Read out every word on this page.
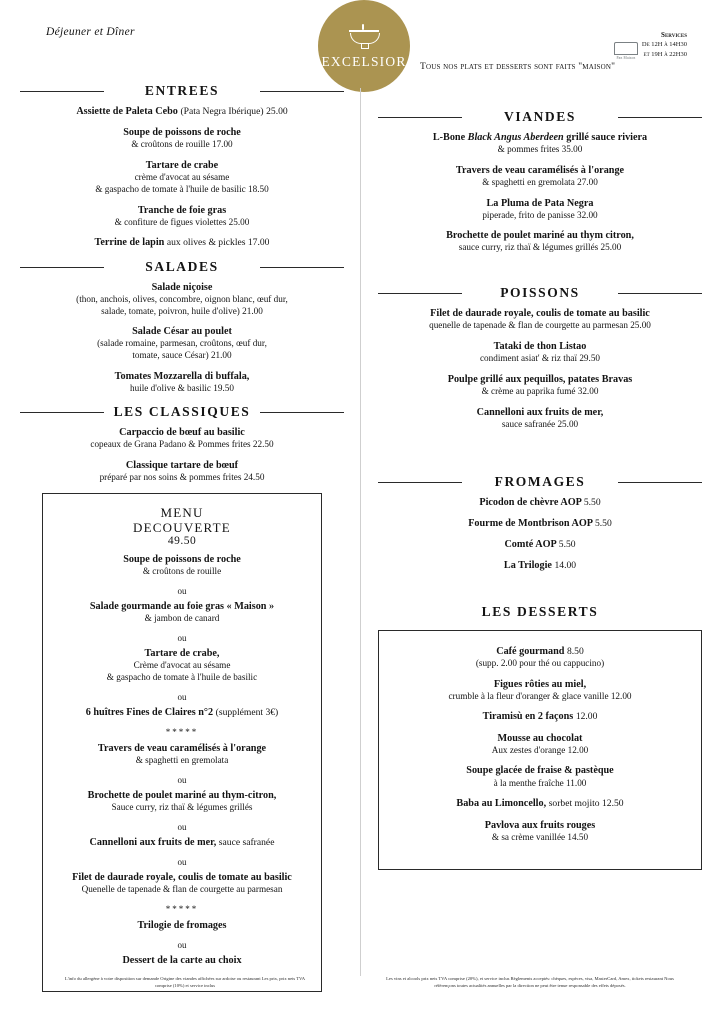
Déjeuner et Dîner
EXCELSIOR Tous nos plats et desserts sont faits "maison"
Pan Maison
Services
De 12H à 14H30
et 19H à 22H30
ENTREES
Assiette de Paleta Cebo (Pata Negra Ibérique) 25.00
Soupe de poissons de roche
& croûtons de rouille 17.00
Tartare de crabe
crème d'avocat au sésame
& gaspacho de tomate à l'huile de basilic 18.50
Tranche de foie gras
& confiture de figues violettes 25.00
Terrine de lapin aux olives & pickles 17.00
SALADES
Salade niçoise
(thon, anchois, olives, concombre, oignon blanc, œuf dur,
salade, tomate, poivron, huile d'olive) 21.00
Salade César au poulet
(salade romaine, parmesan, croûtons, œuf dur,
tomate, sauce César) 21.00
Tomates Mozzarella di buffala,
huile d'olive & basilic 19.50
LES CLASSIQUES
Carpaccio de bœuf au basilic
copeaux de Grana Padano & Pommes frites 22.50
Classique tartare de bœuf
préparé par nos soins & pommes frites 24.50
MENU
DECOUVERTE
49.50
Soupe de poissons de roche
& croûtons de rouille
ou
Salade gourmande au foie gras « Maison »
& jambon de canard
ou
Tartare de crabe,
Crème d'avocat au sésame
& gaspacho de tomate à l'huile de basilic
ou
6 huîtres Fines de Claires n°2 (supplément 3€)
*****
Travers de veau caramélisés à l'orange
& spaghetti en gremolata
ou
Brochette de poulet mariné au thym-citron,
Sauce curry, riz thaï & légumes grillés
ou
Cannelloni aux fruits de mer, sauce safranée
ou
Filet de daurade royale, coulis de tomate au basilic
Quenelle de tapenade & flan de courgette au parmesan
*****
Trilogie de fromages
ou
Dessert de la carte au choix
VIANDES
L-Bone Black Angus Aberdeen grillé sauce riviera
& pommes frites 35.00
Travers de veau caramélisés à l'orange
& spaghetti en gremolata 27.00
La Pluma de Pata Negra
piperade, frito de panisse 32.00
Brochette de poulet mariné au thym citron,
sauce curry, riz thaï & légumes grillés 25.00
POISSONS
Filet de daurade royale, coulis de tomate au basilic
quenelle de tapenade & flan de courgette au parmesan 25.00
Tataki de thon Listao
condiment asiat' & riz thaï 29.50
Poulpe grillé aux pequillos, patates Bravas
& crème au paprika fumé 32.00
Cannelloni aux fruits de mer,
sauce safranée 25.00
FROMAGES
Picodon de chèvre AOP 5.50
Fourme de Montbrison AOP 5.50
Comté AOP 5.50
La Trilogie 14.00
LES DESSERTS
Café gourmand 8.50
(supp. 2.00 pour thé ou cappucino)
Figues rôties au miel,
crumble à la fleur d'oranger & glace vanille 12.00
Tiramisù en 2 façons 12.00
Mousse au chocolat
Aux zestes d'orange 12.00
Soupe glacée de fraise & pastèque
à la menthe fraîche 11.00
Baba au Limoncello, sorbet mojito 12.50
Pavlova aux fruits rouges
& sa crème vanillée 14.50
L'info du allergène à votre disposition sur demande Origine des viandes affichées sur ardoise ou restaurant Les prix, prix nets TVA comprise (10%) et service inclus
Les vins et alcools prix nets TVA comprise (20%), et service inclus Règlements acceptés: chèques, espèces, visa, MasterCard, Amex, tickets restaurant Nous référençons toutes actualités annuelles par la direction ne peut être tenue responsable des effets déposés.
